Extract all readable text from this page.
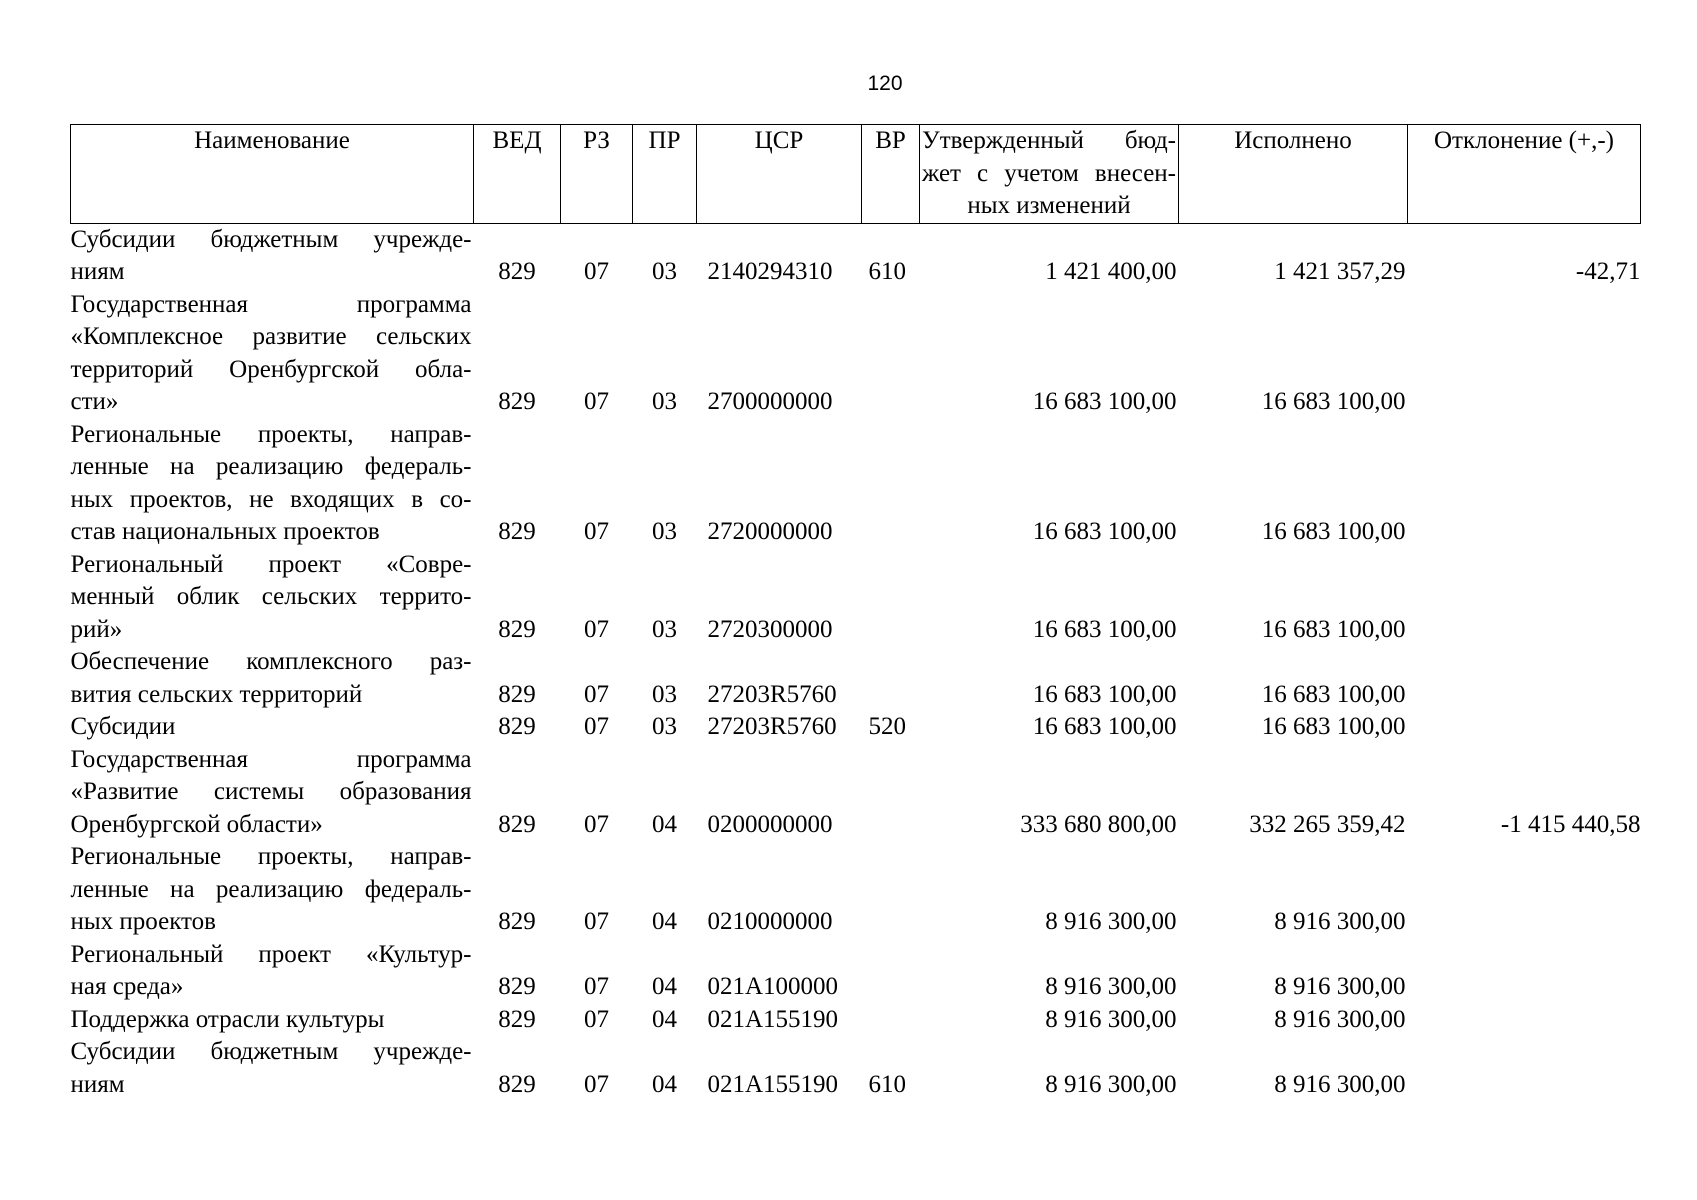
120
Наименование	ВЕД	РЗ	ПР	ЦСР	ВР	Утвержденный бюд-жет с учетом внесен-ных изменений	Исполнено	Отклонение (+,-)

Субсидии бюджетным учрежде-
ниям	829	07	03	2140294310	610	1 421 400,00	1 421 357,29	-42,71

Государственная программа
«Комплексное развитие сельских
территорий Оренбургской обла-
сти»	829	07	03	2700000000		16 683 100,00	16 683 100,00	

Региональные проекты, направ-
ленные на реализацию федераль-
ных проектов, не входящих в со-
став национальных проектов	829	07	03	2720000000		16 683 100,00	16 683 100,00	

Региональный проект «Совре-
менный облик сельских террито-
рий»	829	07	03	2720300000		16 683 100,00	16 683 100,00	

Обеспечение комплексного раз-
вития сельских территорий	829	07	03	27203R5760		16 683 100,00	16 683 100,00	

Субсидии	829	07	03	27203R5760	520	16 683 100,00	16 683 100,00	

Государственная программа
«Развитие системы образования
Оренбургской области»	829	07	04	0200000000		333 680 800,00	332 265 359,42	-1 415 440,58

Региональные проекты, направ-
ленные на реализацию федераль-
ных проектов	829	07	04	0210000000		8 916 300,00	8 916 300,00	

Региональный проект «Культур-
ная среда»	829	07	04	021A100000		8 916 300,00	8 916 300,00	

Поддержка отрасли культуры	829	07	04	021A155190		8 916 300,00	8 916 300,00	

Субсидии бюджетным учрежде-
ниям	829	07	04	021A155190	610	8 916 300,00	8 916 300,00	
